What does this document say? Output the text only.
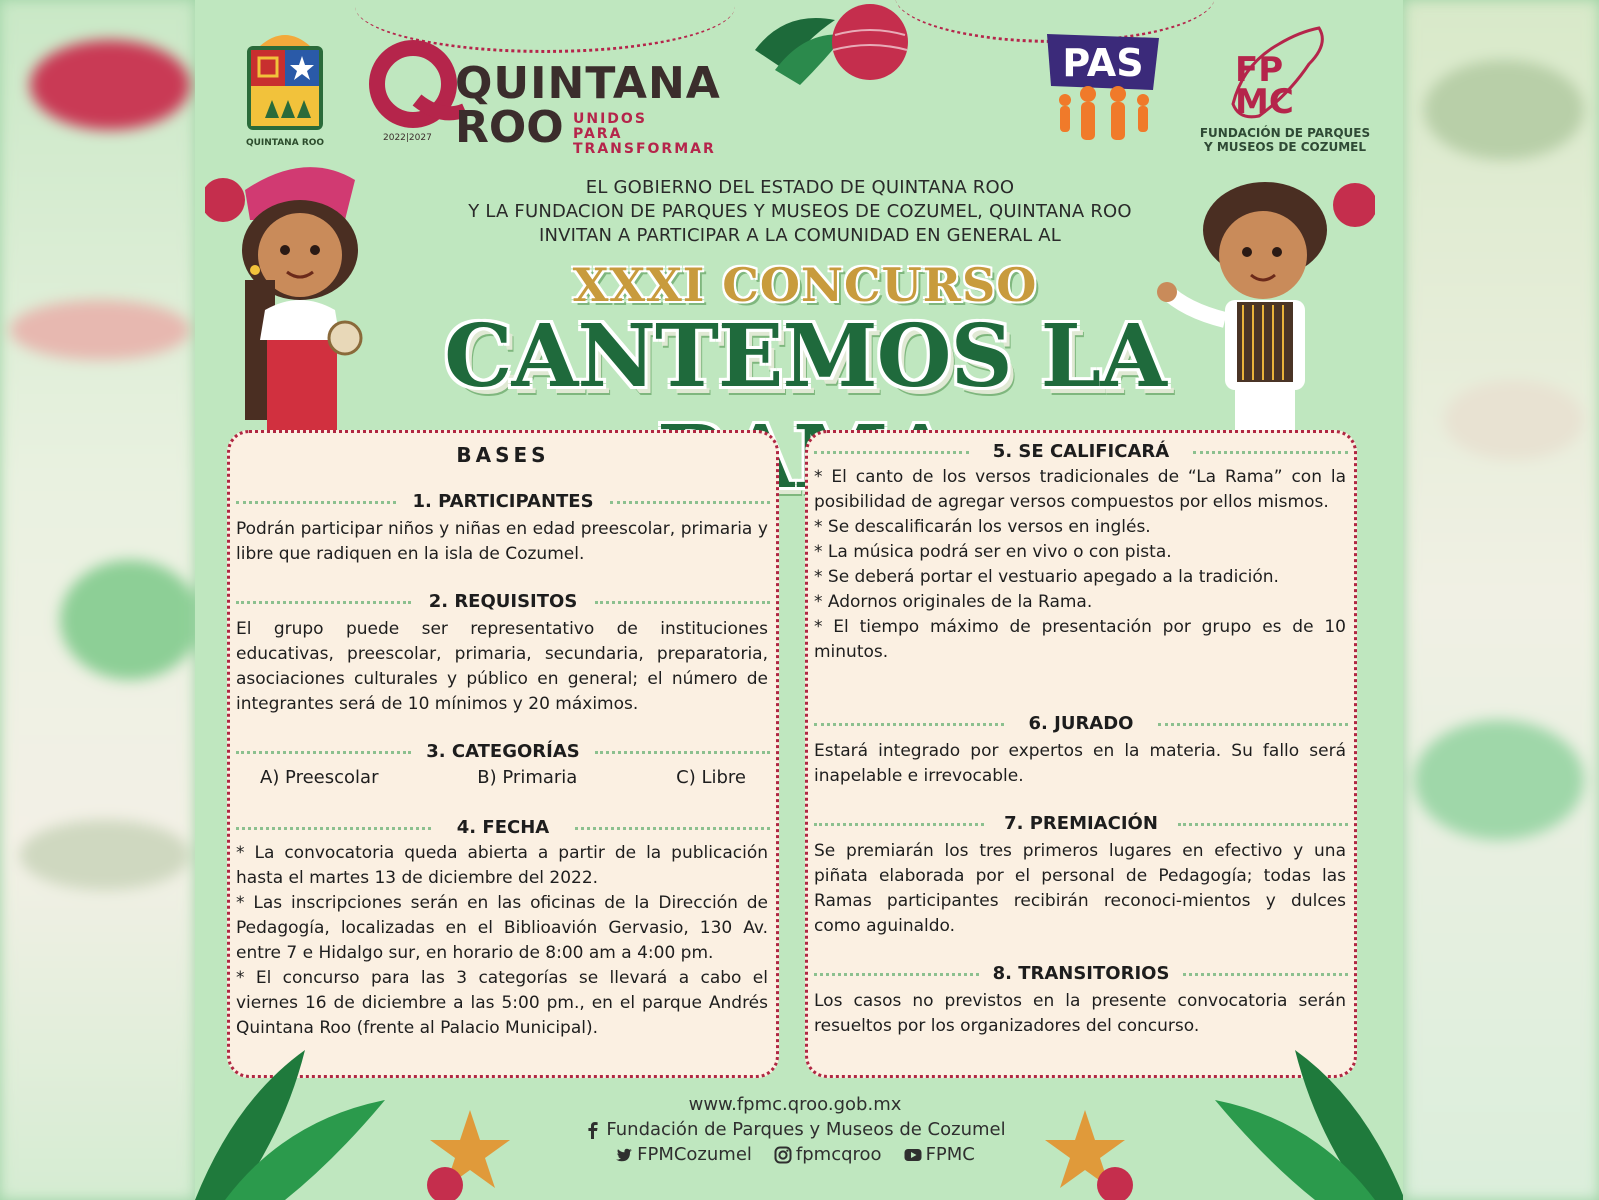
QUINTANA ROO
QUINTANA
ROO UNIDOS PARA TRANSFORMAR
2022|2027
PAS	FP
MC
FUNDACIÓN DE PARQUES
Y MUSEOS DE COZUMEL
EL GOBIERNO DEL ESTADO DE QUINTANA ROO
Y LA FUNDACION DE PARQUES Y MUSEOS DE COZUMEL, QUINTANA ROO
INVITAN A PARTICIPAR A LA COMUNIDAD EN GENERAL AL
XXXI CONCURSO
CANTEMOS LA
BASES
1. PARTICIPANTES
Podrán participar niños y niñas en edad preescolar, primaria y libre que radiquen en la isla de Cozumel.
2. REQUISITOS
El grupo puede ser representativo de instituciones educativas, preescolar, primaria, secundaria, preparatoria, asociaciones culturales y público en general; el número de integrantes será de 10 mínimos y 20 máximos.
3. CATEGORÍAS
A) Preescolar	B) Primaria	C) Libre
4. FECHA

* La convocatoria queda abierta a partir de la publicación hasta el martes 13 de diciembre del 2022.

* Las inscripciones serán en las oficinas de la Dirección de Pedagogía, localizadas en el Biblioavión Gervasio, 130 Av. entre 7 e Hidalgo sur, en horario de 8:00 am a 4:00 pm.

* El concurso para las 3 categorías se llevará a cabo el viernes 16 de diciembre a las 5:00 pm., en el parque Andrés Quintana Roo (frente al Palacio Municipal).

5. SE CALIFICARÁ

* El canto de los versos tradicionales de “La Rama” con la posibilidad de agregar versos compuestos por ellos mismos.

* Se descalificarán los versos en inglés.

* La música podrá ser en vivo o con pista.

* Se deberá portar el vestuario apegado a la tradición.

* Adornos originales de la Rama.

* El tiempo máximo de presentación por grupo es de 10 minutos.

6. JURADO
Estará integrado por expertos en la materia. Su fallo será inapelable e irrevocable.
7. PREMIACIÓN
Se premiarán los tres primeros lugares en efectivo y una piñata elaborada por el personal de Pedagogía; todas las Ramas participantes recibirán reconoci-mientos y dulces como aguinaldo.
8. TRANSITORIOS
Los casos no previstos en la presente convocatoria serán resueltos por los organizadores del concurso.
www.fpmc.qroo.gob.mx
Fundación de Parques y Museos de Cozumel
FPMCozumel fpmcqroo FPMC
